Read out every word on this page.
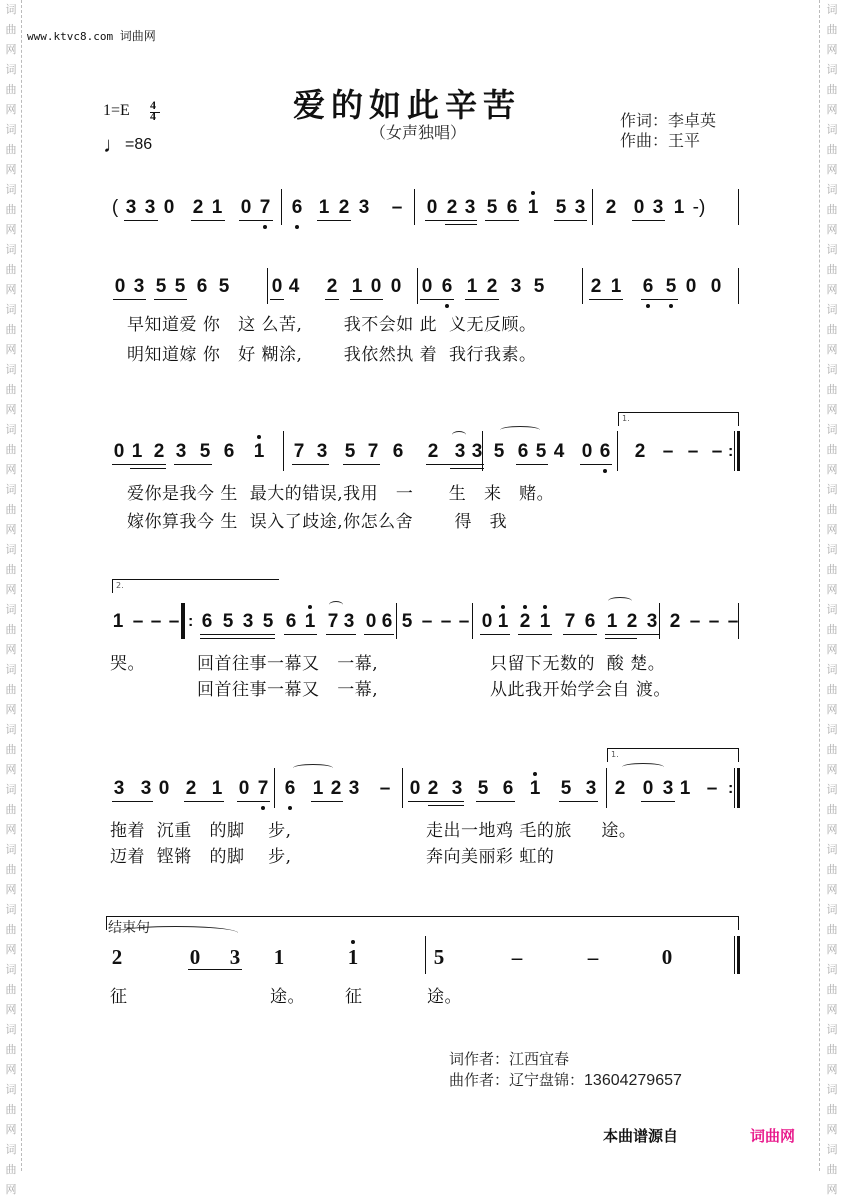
词
曲
网
词
曲
网
词
曲
网
词
曲
网
词
曲
网
词
曲
网
词
曲
网
词
曲
网
词
曲
网
词
曲
网
词
曲
网
词
曲
网
词
曲
网
词
曲
网
词
曲
网
词
曲
网
词
曲
网
词
曲
网
词
曲
网
词
曲
网
词
曲
网
词
曲
网
词
曲
网
词
曲
网
词
曲
网
词
曲
网
词
曲
网
词
曲
网
词
曲
网
词
曲
网
词
曲
网
词
曲
网
词
曲
网
词
曲
网
词
曲
网
词
曲
网
词
曲
网
词
曲
网
词
曲
网
词
曲
网
www.ktvc8.com 词曲网
1=E 4
4
♩=86
爱的如此辛苦
（女声独唱）
作词：李卓英
作曲：王平
(	-)
3 3 0 2 1 0 7 6 1 2 3 – 0 2 3 5 6 1 5 3 2 0 3 1
早知道爱 你   这 么苦,       我不会如 此  义无反顾。
明知道嫁 你   好 糊涂,       我依然执 着  我行我素。
0 3 5 5 6 5 0 4 2 1 0 0 0 6 1 2 3 5 2 1 6 5 0 0
1.
:
爱你是我今 生  最大的错误,我用   一      生   来   赌。
嫁你算我今 生  误入了歧途,你怎么舍       得   我
0 1 2 3 5 6 1 7 3 5 7 6 2 3 3 5 6 5 4 0 6 2 – – –
2.
:
哭。	回首往事一幕又   一幕,	只留下无数的  酸 楚。
回首往事一幕又   一幕,	从此我开始学会自 渡。
1 – – – 6 5 3 5 6 1 7 3 0 6 5 – – – 0 1 2 1 7 6 1 2 3 2 – – –
1.
:
拖着  沉重   的脚    步,	走出一地鸡 毛的旅     途。
迈着  铿锵   的脚    步,	奔向美丽彩 虹的
3 3 0 2 1 0 7 6 1 2 3 – 0 2 3 5 6 1 5 3 2 0 3 1 –
结束句
征	途。 征	途。
2	0 3 1	1	5	–	–	0
词作者：江西宜春
曲作者：辽宁盘锦：13604279657
本曲谱源自	词曲网
